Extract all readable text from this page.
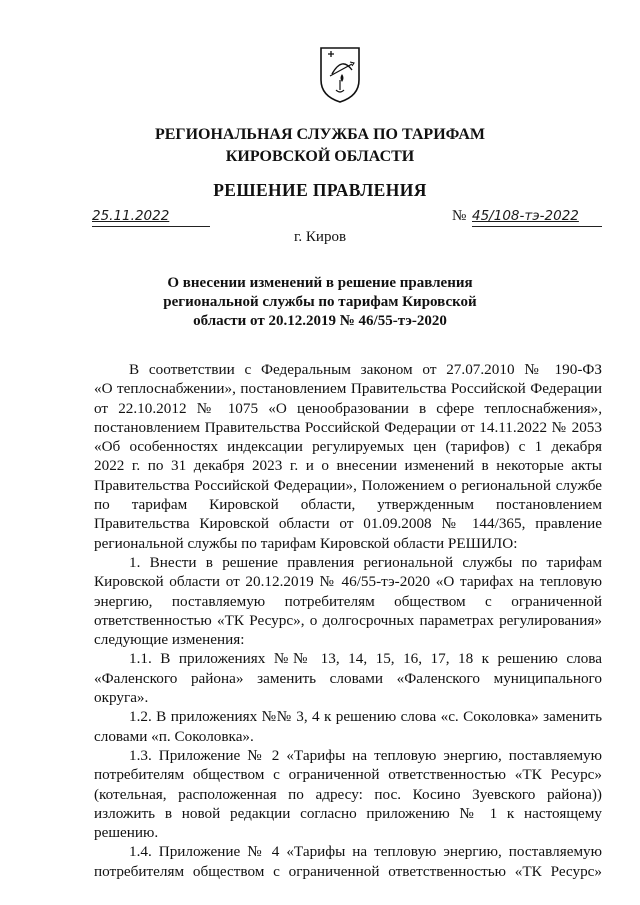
РЕГИОНАЛЬНАЯ СЛУЖБА ПО ТАРИФАМ
КИРОВСКОЙ ОБЛАСТИ
РЕШЕНИЕ ПРАВЛЕНИЯ
25.11.2022	№ 45/108-тэ-2022
г. Киров
О внесении изменений в решение правления
региональной службы по тарифам Кировской
области от 20.12.2019 № 46/55-тэ-2020
В соответствии с Федеральным законом от 27.07.2010 № 190-ФЗ
«О теплоснабжении», постановлением Правительства Российской Федерации
от 22.10.2012 № 1075 «О ценообразовании в сфере теплоснабжения»,
постановлением Правительства Российской Федерации от 14.11.2022 № 2053
«Об особенностях индексации регулируемых цен (тарифов) с 1 декабря
2022 г. по 31 декабря 2023 г. и о внесении изменений в некоторые акты
Правительства Российской Федерации», Положением о региональной службе
по тарифам Кировской области, утвержденным постановлением
Правительства Кировской области от 01.09.2008 № 144/365, правление
региональной службы по тарифам Кировской области РЕШИЛО:
1. Внести в решение правления региональной службы по тарифам
Кировской области от 20.12.2019 № 46/55-тэ-2020 «О тарифах на тепловую
энергию, поставляемую потребителям обществом с ограниченной
ответственностью «ТК Ресурс», о долгосрочных параметрах регулирования»
следующие изменения:
1.1. В приложениях №№ 13, 14, 15, 16, 17, 18 к решению слова
«Фаленского района» заменить словами «Фаленского муниципального
округа».
1.2. В приложениях №№ 3, 4 к решению слова «с. Соколовка» заменить
словами «п. Соколовка».
1.3. Приложение № 2 «Тарифы на тепловую энергию, поставляемую
потребителям обществом с ограниченной ответственностью «ТК Ресурс»
(котельная, расположенная по адресу: пос. Косино Зуевского района))
изложить в новой редакции согласно приложению № 1 к настоящему
решению.
1.4. Приложение № 4 «Тарифы на тепловую энергию, поставляемую
потребителям обществом с ограниченной ответственностью «ТК Ресурс»
